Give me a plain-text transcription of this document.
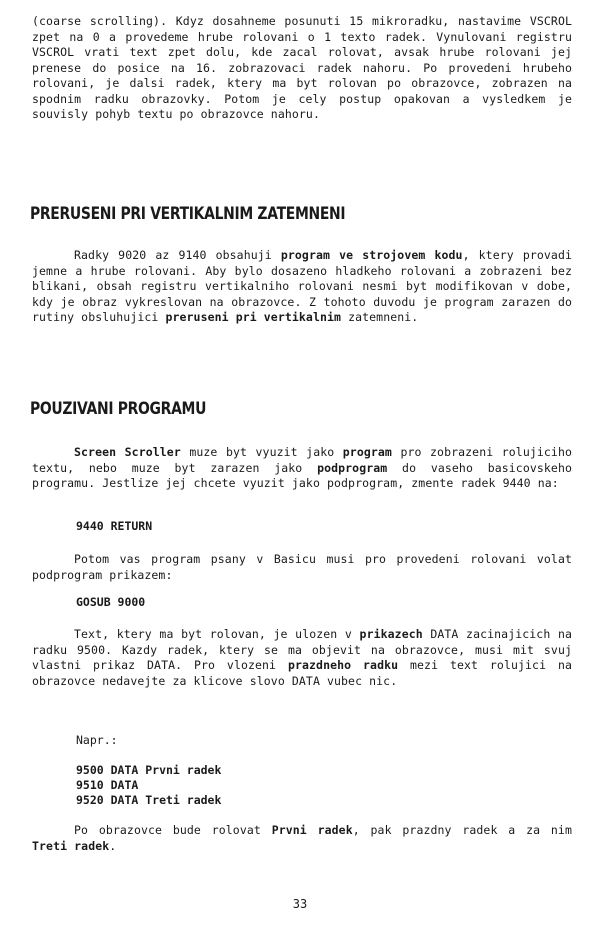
(coarse scrolling). Kdyz dosahneme posunuti 15 mikroradku, nastavime VSCROL zpet na 0 a provedeme hrube rolovani o 1 texto radek. Vynulovani registru VSCROL vrati text zpet dolu, kde zacal rolovat, avsak hrube rolovani jej prenese do posice na 16. zobrazovaci radek nahoru. Po provedeni hrubeho rolovani, je dalsi radek, ktery ma byt rolovan po obrazovce, zobrazen na spodnim radku obrazovky. Potom je cely postup opakovan a vysledkem je souvisly pohyb textu po obrazovce nahoru.

PRERUSENI PRI VERTIKALNIM ZATEMNENI

Radky 9020 az 9140 obsahuji program ve strojovem kodu, ktery provadi jemne a hrube rolovani. Aby bylo dosazeno hladkeho rolovani a zobrazeni bez blikani, obsah registru vertikalniho rolovani nesmi byt modifikovan v dobe, kdy je obraz vykreslovan na obrazovce. Z tohoto duvodu je program zarazen do rutiny obsluhujici preruseni pri vertikalnim zatemneni.

POUZIVANI PROGRAMU

Screen Scroller muze byt vyuzit jako program pro zobrazeni rolujiciho textu, nebo muze byt zarazen jako podprogram do vaseho basicovskeho programu. Jestlize jej chcete vyuzit jako podprogram, zmente radek 9440 na:

9440 RETURN

Potom vas program psany v Basicu musi pro provedeni rolovani volat podprogram prikazem:

GOSUB 9000

Text, ktery ma byt rolovan, je ulozen v prikazech DATA zacinajicich na radku 9500. Kazdy radek, ktery se ma objevit na obrazovce, musi mit svuj vlastni prikaz DATA. Pro vlozeni prazdneho radku mezi text rolujici na obrazovce nedavejte za klicove slovo DATA vubec nic.

Napr.:
9500 DATA Prvni radek
9510 DATA
9520 DATA Treti radek

Po obrazovce bude rolovat Prvni radek, pak prazdny radek a za nim Treti radek.

33
